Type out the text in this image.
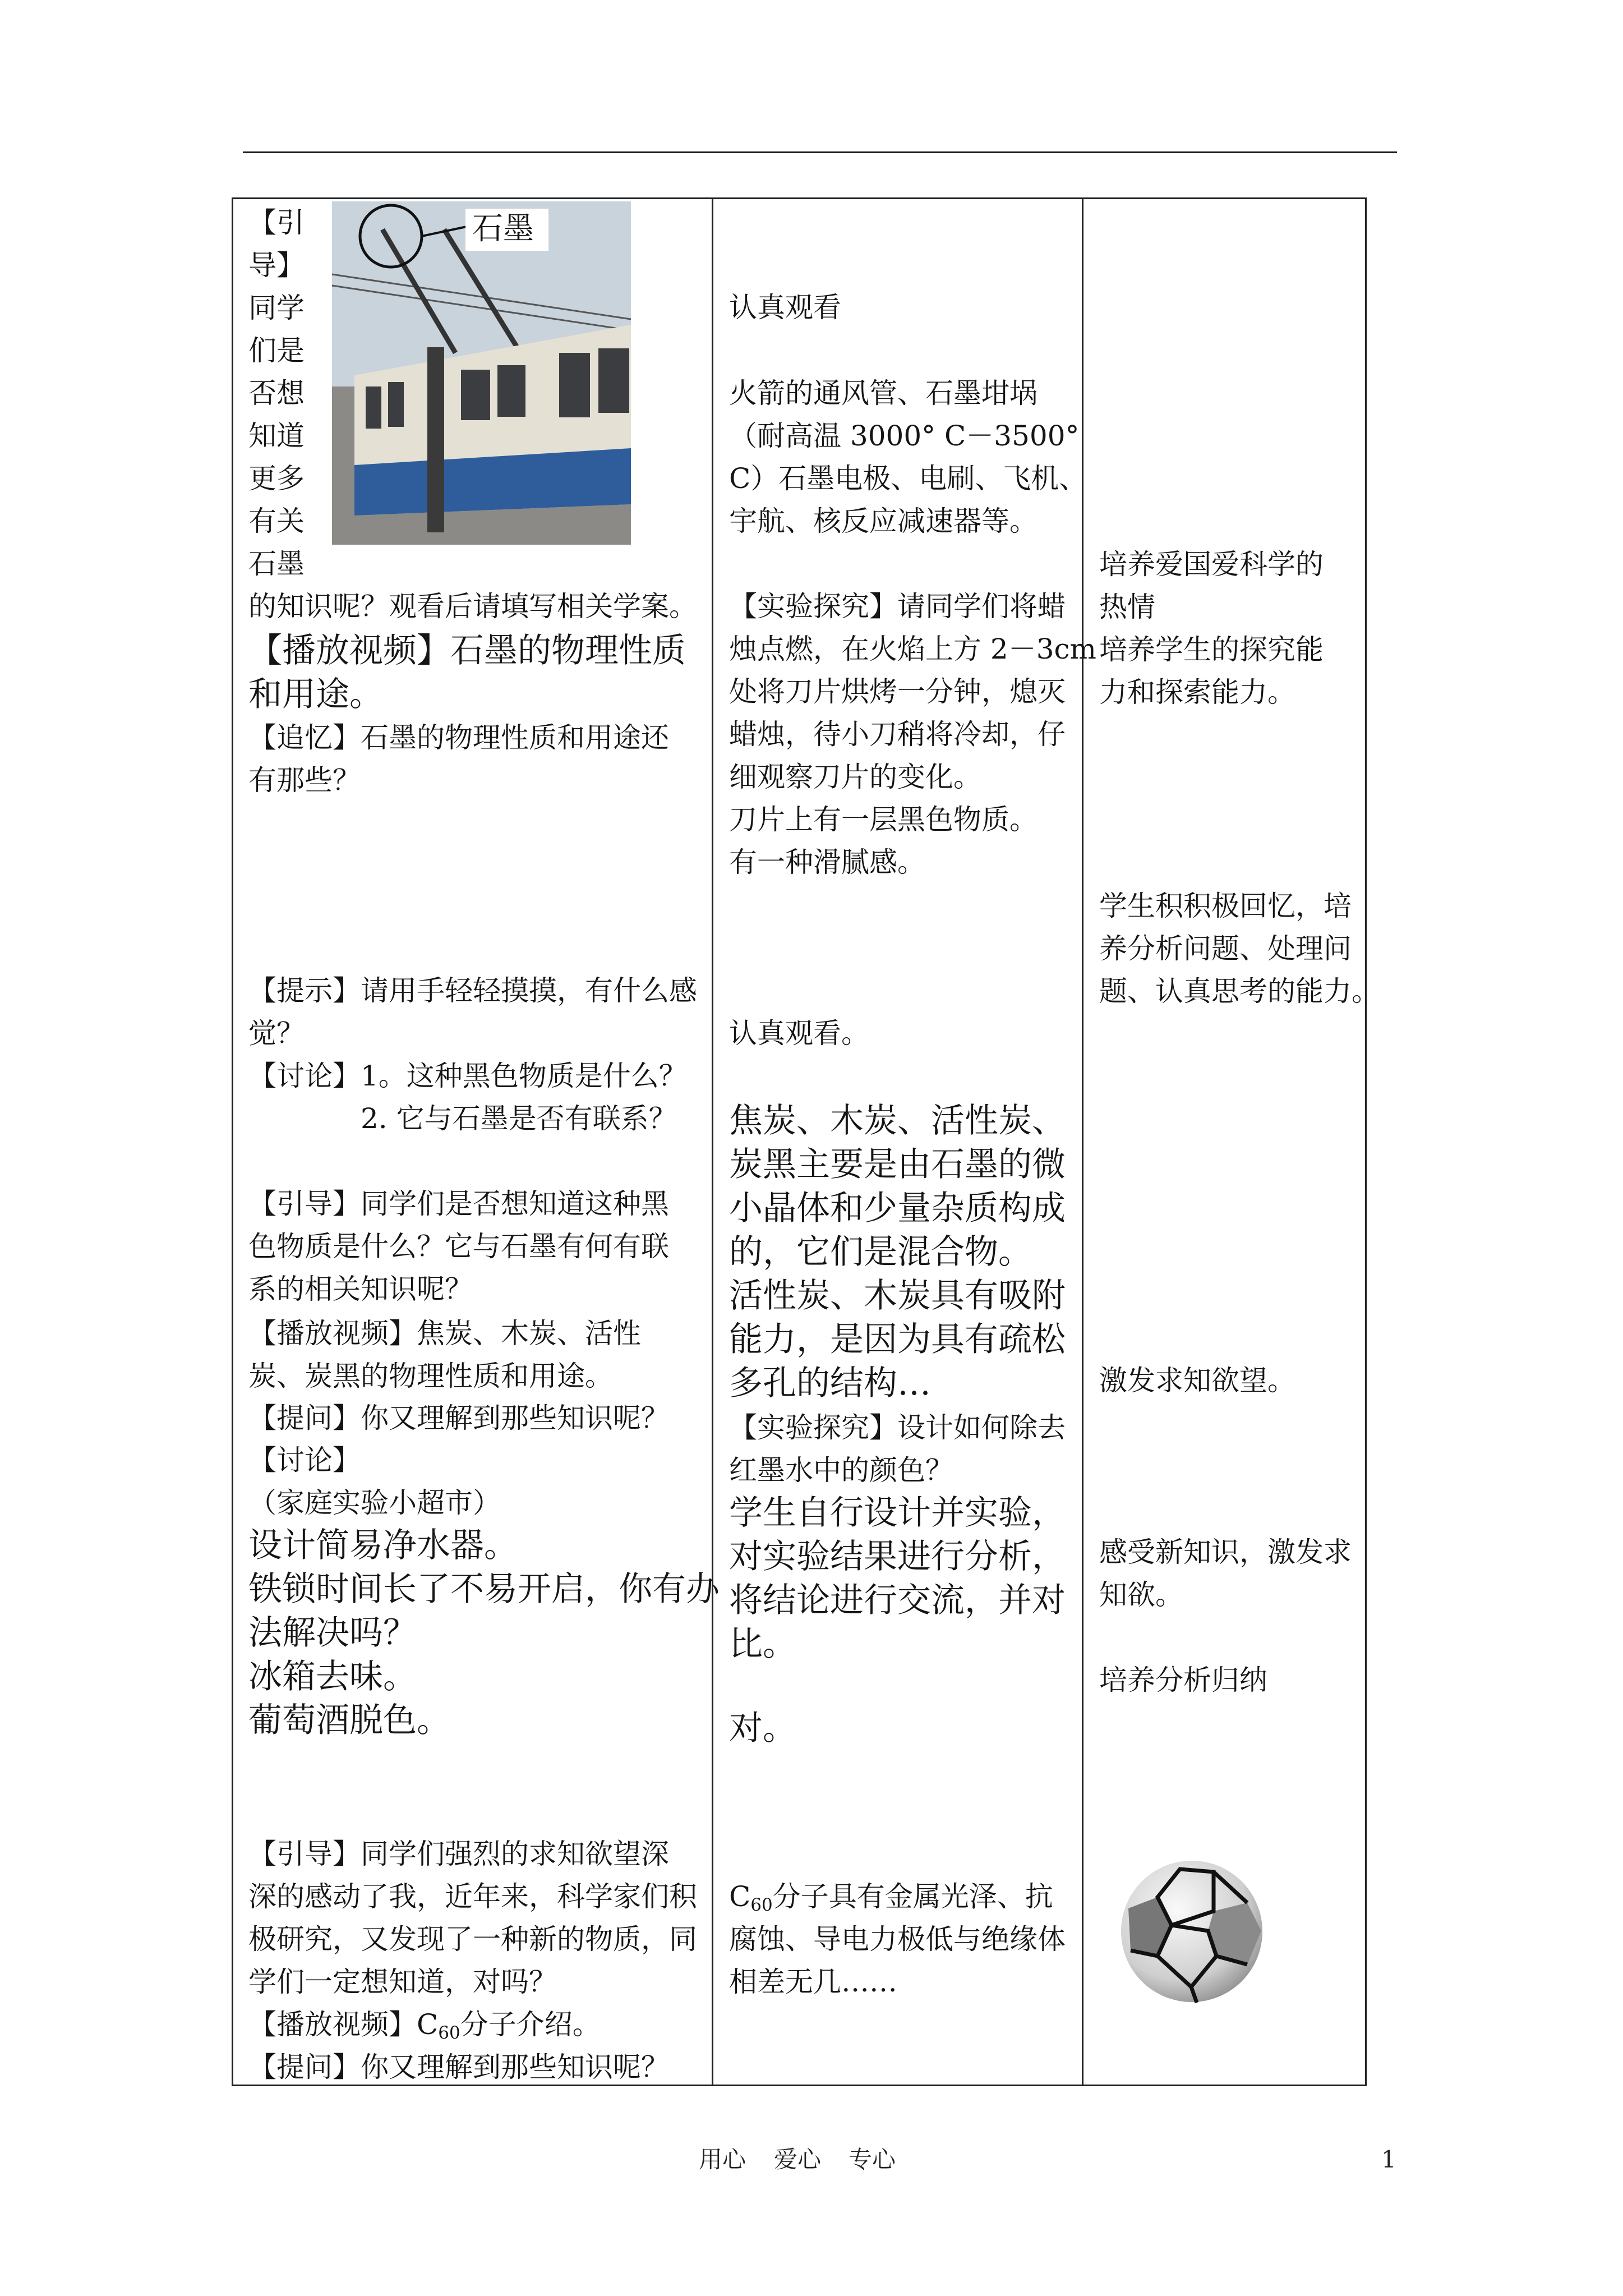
石墨
【引
导】
同学
们是
否想
知道
更多
有关
石墨
的知识呢？观看后请填写相关学案。
【播放视频】石墨的物理性质
和用途。
【追忆】石墨的物理性质和用途还
有那些？
【提示】请用手轻轻摸摸，有什么感
觉？
【讨论】1。这种黑色物质是什么？
2. 它与石墨是否有联系？
【引导】同学们是否想知道这种黑
色物质是什么？它与石墨有何有联
系的相关知识呢？
【播放视频】焦炭、木炭、活性
炭、炭黑的物理性质和用途。
【提问】你又理解到那些知识呢？
【讨论】
（家庭实验小超市）
设计简易净水器。
铁锁时间长了不易开启，你有办
法解决吗？
冰箱去味。
葡萄酒脱色。
【引导】同学们强烈的求知欲望深
深的感动了我，近年来，科学家们积
极研究，又发现了一种新的物质，同
学们一定想知道，对吗？
【播放视频】$C_{60}$分子介绍。
【提问】你又理解到那些知识呢？
认真观看
火箭的通风管、石墨坩埚
（耐高温 3000° C－3500°
C）石墨电极、电刷、飞机、
宇航、核反应减速器等。
【实验探究】请同学们将蜡
烛点燃，在火焰上方 2－3cm
处将刀片烘烤一分钟，熄灭
蜡烛，待小刀稍将冷却，仔
细观察刀片的变化。
刀片上有一层黑色物质。
有一种滑腻感。
认真观看。
焦炭、木炭、活性炭、
炭黑主要是由石墨的微
小晶体和少量杂质构成
的，它们是混合物。
活性炭、木炭具有吸附
能力，是因为具有疏松
多孔的结构…
【实验探究】设计如何除去
红墨水中的颜色？
学生自行设计并实验，
对实验结果进行分析，
将结论进行交流，并对
比。
对。
$C_{60}$分子具有金属光泽、抗
腐蚀、导电力极低与绝缘体
相差无几……
培养爱国爱科学的
热情
培养学生的探究能
力和探索能力。
学生积积极回忆，培
养分析问题、处理问
题、认真思考的能力。
激发求知欲望。
感受新知识，激发求
知欲。
培养分析归纳
用心 爱心 专心	1
